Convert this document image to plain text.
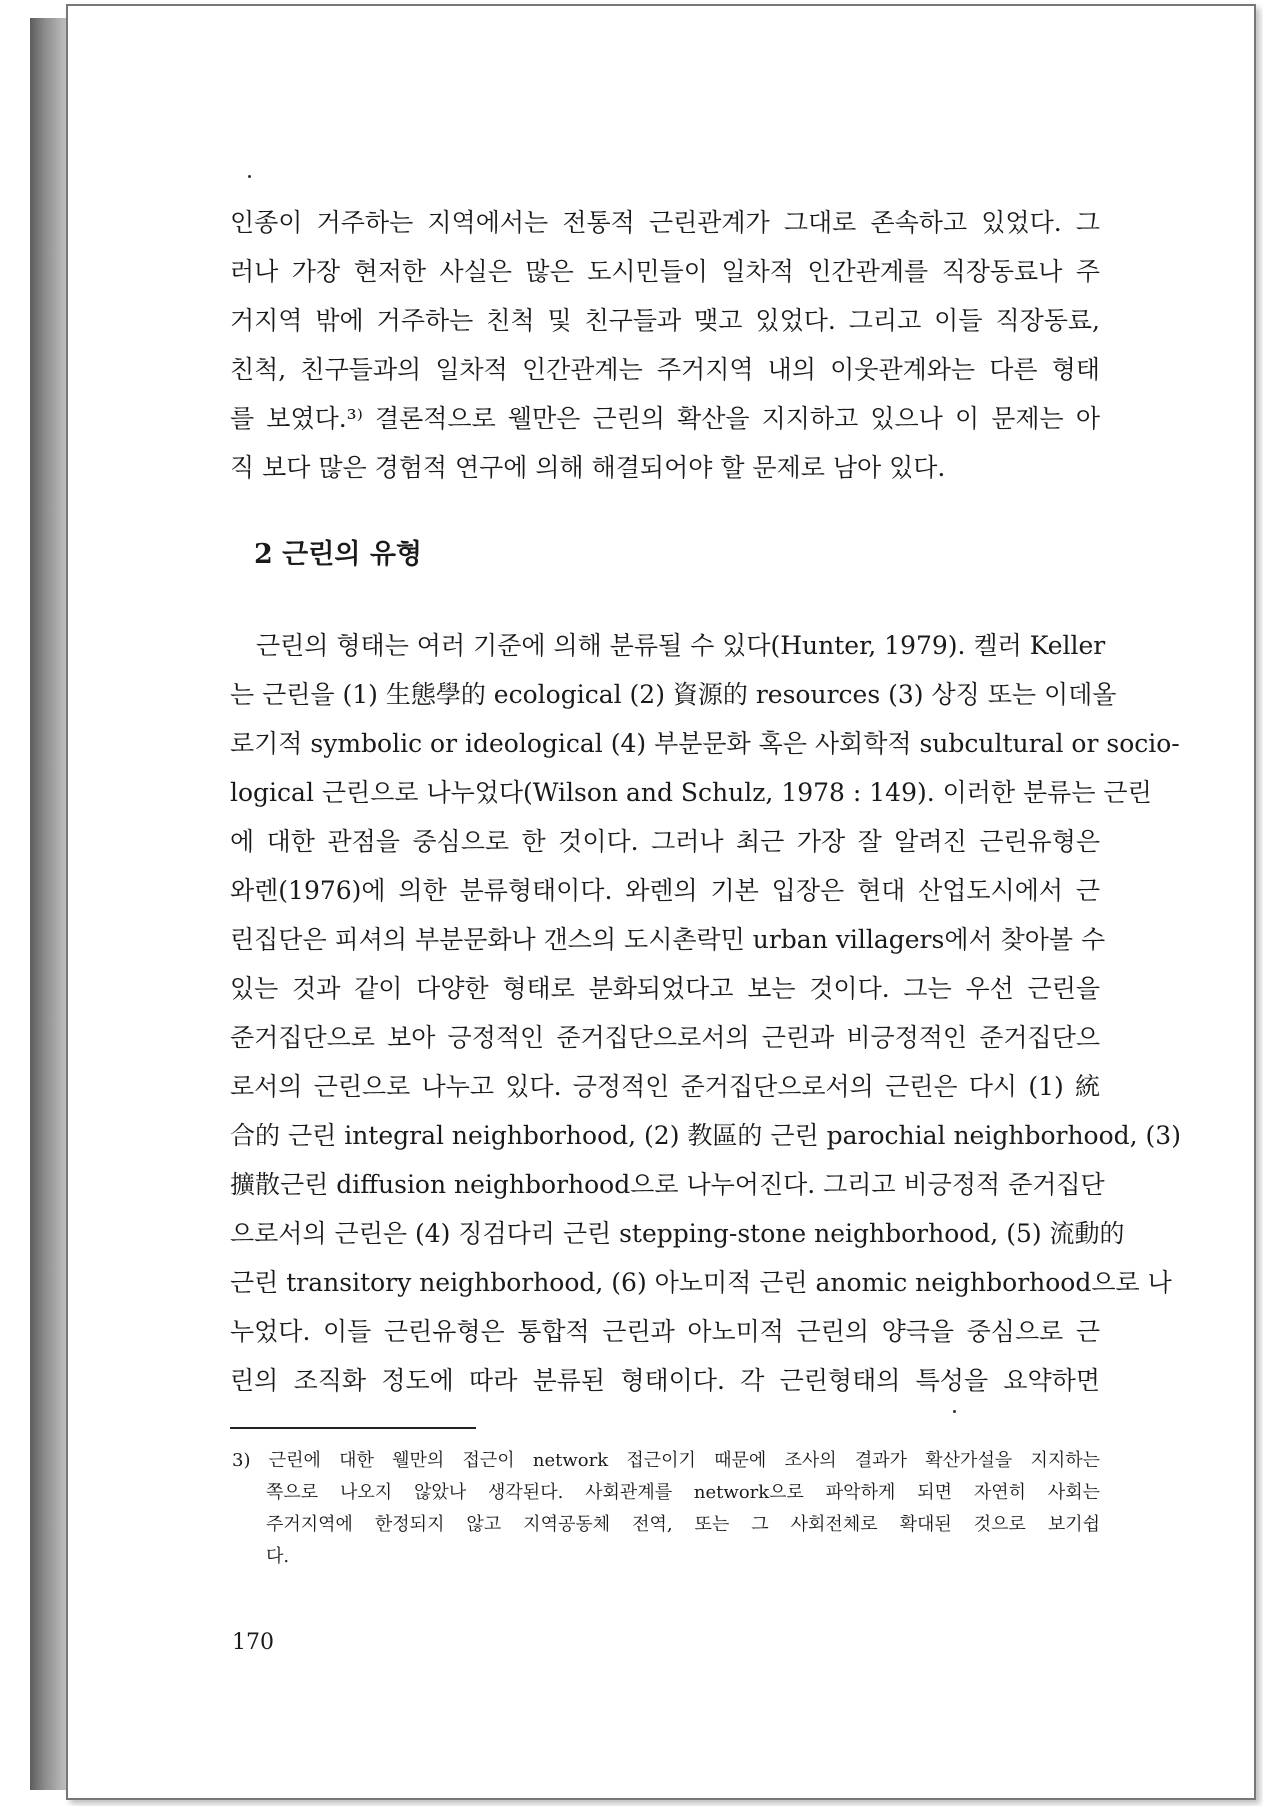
인종이 거주하는 지역에서는 전통적 근린관계가 그대로 존속하고 있었다. 그
러나 가장 현저한 사실은 많은 도시민들이 일차적 인간관계를 직장동료나 주
거지역 밖에 거주하는 친척 및 친구들과 맺고 있었다. 그리고 이들 직장동료,
친척, 친구들과의 일차적 인간관계는 주거지역 내의 이웃관계와는 다른 형태
를 보였다.³⁾ 결론적으로 웰만은 근린의 확산을 지지하고 있으나 이 문제는 아
직 보다 많은 경험적 연구에 의해 해결되어야 할 문제로 남아 있다.
2 근린의 유형
근린의 형태는 여러 기준에 의해 분류될 수 있다(Hunter, 1979). 켈러 Keller
는 근린을 (1) 生態學的 ecological (2) 資源的 resources (3) 상징 또는 이데올
로기적 symbolic or ideological (4) 부분문화 혹은 사회학적 subcultural or socio-
logical 근린으로 나누었다(Wilson and Schulz, 1978 : 149). 이러한 분류는 근린
에 대한 관점을 중심으로 한 것이다. 그러나 최근 가장 잘 알려진 근린유형은
와렌(1976)에 의한 분류형태이다. 와렌의 기본 입장은 현대 산업도시에서 근
린집단은 피셔의 부분문화나 갠스의 도시촌락민 urban villagers에서 찾아볼 수
있는 것과 같이 다양한 형태로 분화되었다고 보는 것이다. 그는 우선 근린을
준거집단으로 보아 긍정적인 준거집단으로서의 근린과 비긍정적인 준거집단으
로서의 근린으로 나누고 있다. 긍정적인 준거집단으로서의 근린은 다시 (1) 統
合的 근린 integral neighborhood, (2) 教區的 근린 parochial neighborhood, (3)
擴散근린 diffusion neighborhood으로 나누어진다. 그리고 비긍정적 준거집단
으로서의 근린은 (4) 징검다리 근린 stepping-stone neighborhood, (5) 流動的
근린 transitory neighborhood, (6) 아노미적 근린 anomic neighborhood으로 나
누었다. 이들 근린유형은 통합적 근린과 아노미적 근린의 양극을 중심으로 근
린의 조직화 정도에 따라 분류된 형태이다. 각 근린형태의 특성을 요약하면
3) 근린에 대한 웰만의 접근이 network 접근이기 때문에 조사의 결과가 확산가설을 지지하는
쪽으로 나오지 않았나 생각된다. 사회관계를 network으로 파악하게 되면 자연히 사회는
주거지역에 한정되지 않고 지역공동체 전역, 또는 그 사회전체로 확대된 것으로 보기쉽
다.
170
